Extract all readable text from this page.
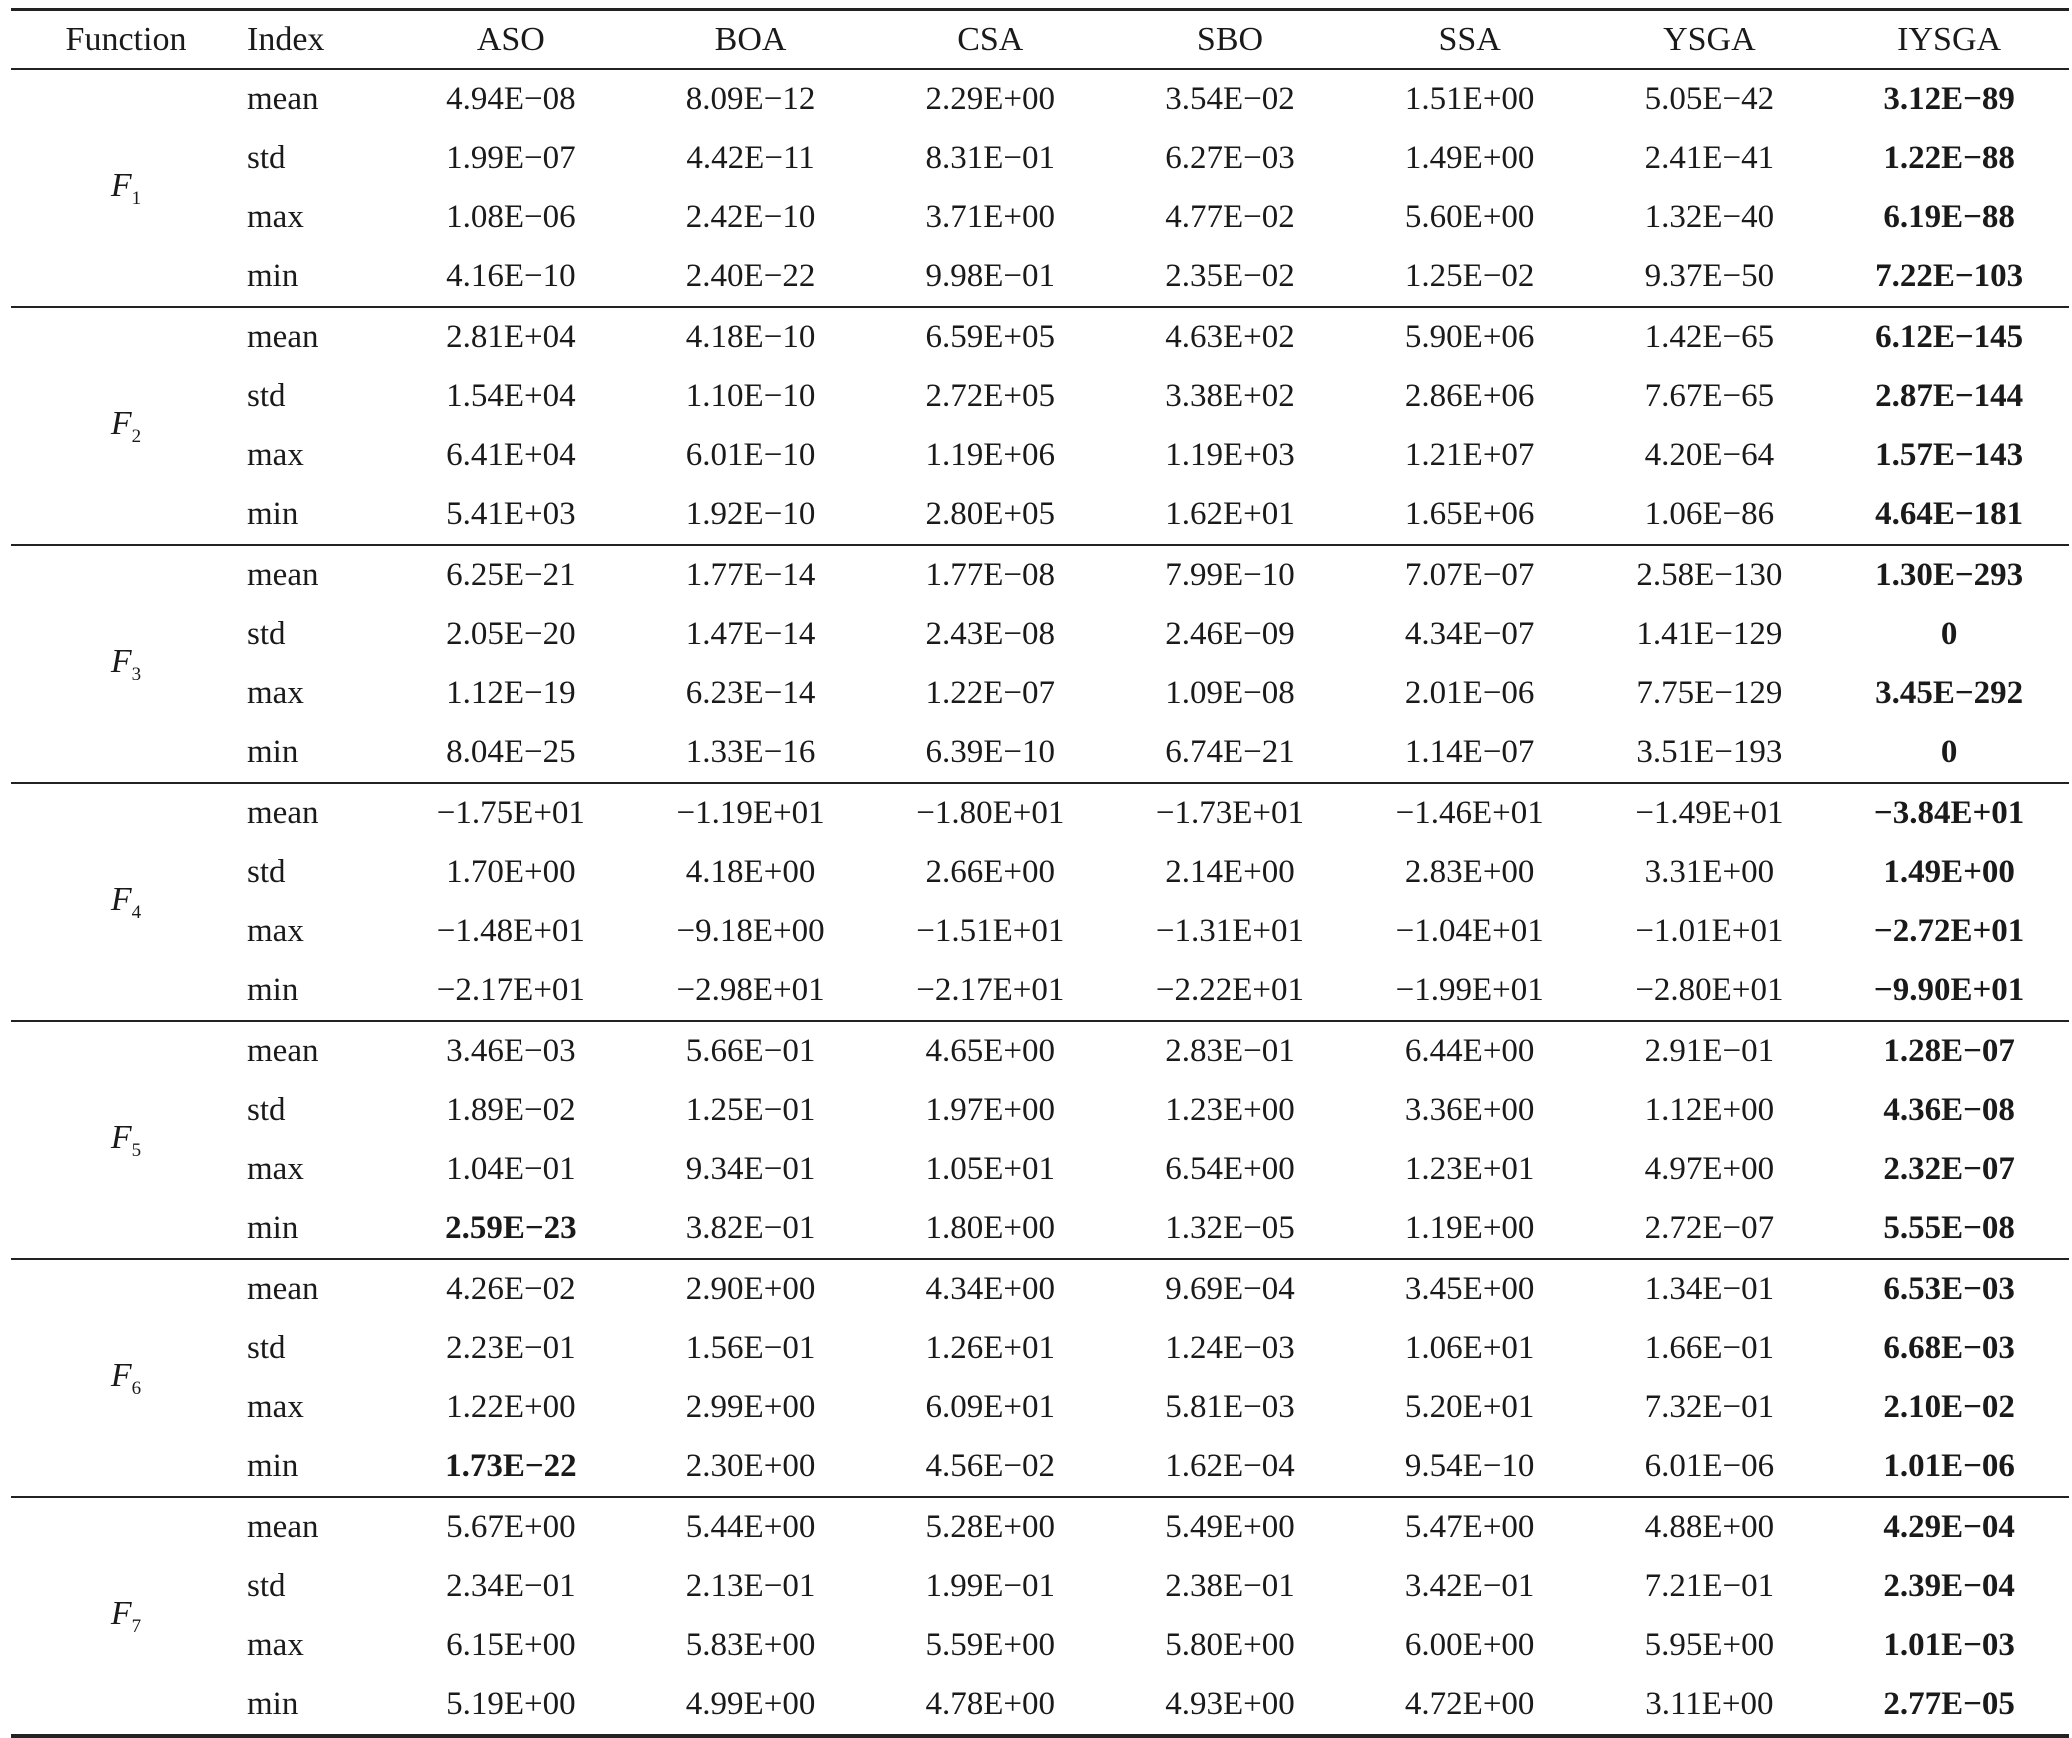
Function	Index	ASO	BOA	CSA	SBO	SSA	YSGA	IYSGA
$F_1$	mean	4.94E−08	8.09E−12	2.29E+00	3.54E−02	1.51E+00	5.05E−42	3.12E−89
	std	1.99E−07	4.42E−11	8.31E−01	6.27E−03	1.49E+00	2.41E−41	1.22E−88
	max	1.08E−06	2.42E−10	3.71E+00	4.77E−02	5.60E+00	1.32E−40	6.19E−88
	min	4.16E−10	2.40E−22	9.98E−01	2.35E−02	1.25E−02	9.37E−50	7.22E−103
$F_2$	mean	2.81E+04	4.18E−10	6.59E+05	4.63E+02	5.90E+06	1.42E−65	6.12E−145
	std	1.54E+04	1.10E−10	2.72E+05	3.38E+02	2.86E+06	7.67E−65	2.87E−144
	max	6.41E+04	6.01E−10	1.19E+06	1.19E+03	1.21E+07	4.20E−64	1.57E−143
	min	5.41E+03	1.92E−10	2.80E+05	1.62E+01	1.65E+06	1.06E−86	4.64E−181
$F_3$	mean	6.25E−21	1.77E−14	1.77E−08	7.99E−10	7.07E−07	2.58E−130	1.30E−293
	std	2.05E−20	1.47E−14	2.43E−08	2.46E−09	4.34E−07	1.41E−129	0
	max	1.12E−19	6.23E−14	1.22E−07	1.09E−08	2.01E−06	7.75E−129	3.45E−292
	min	8.04E−25	1.33E−16	6.39E−10	6.74E−21	1.14E−07	3.51E−193	0
$F_4$	mean	−1.75E+01	−1.19E+01	−1.80E+01	−1.73E+01	−1.46E+01	−1.49E+01	−3.84E+01
	std	1.70E+00	4.18E+00	2.66E+00	2.14E+00	2.83E+00	3.31E+00	1.49E+00
	max	−1.48E+01	−9.18E+00	−1.51E+01	−1.31E+01	−1.04E+01	−1.01E+01	−2.72E+01
	min	−2.17E+01	−2.98E+01	−2.17E+01	−2.22E+01	−1.99E+01	−2.80E+01	−9.90E+01
$F_5$	mean	3.46E−03	5.66E−01	4.65E+00	2.83E−01	6.44E+00	2.91E−01	1.28E−07
	std	1.89E−02	1.25E−01	1.97E+00	1.23E+00	3.36E+00	1.12E+00	4.36E−08
	max	1.04E−01	9.34E−01	1.05E+01	6.54E+00	1.23E+01	4.97E+00	2.32E−07
	min	2.59E−23	3.82E−01	1.80E+00	1.32E−05	1.19E+00	2.72E−07	5.55E−08
$F_6$	mean	4.26E−02	2.90E+00	4.34E+00	9.69E−04	3.45E+00	1.34E−01	6.53E−03
	std	2.23E−01	1.56E−01	1.26E+01	1.24E−03	1.06E+01	1.66E−01	6.68E−03
	max	1.22E+00	2.99E+00	6.09E+01	5.81E−03	5.20E+01	7.32E−01	2.10E−02
	min	1.73E−22	2.30E+00	4.56E−02	1.62E−04	9.54E−10	6.01E−06	1.01E−06
$F_7$	mean	5.67E+00	5.44E+00	5.28E+00	5.49E+00	5.47E+00	4.88E+00	4.29E−04
	std	2.34E−01	2.13E−01	1.99E−01	2.38E−01	3.42E−01	7.21E−01	2.39E−04
	max	6.15E+00	5.83E+00	5.59E+00	5.80E+00	6.00E+00	5.95E+00	1.01E−03
	min	5.19E+00	4.99E+00	4.78E+00	4.93E+00	4.72E+00	3.11E+00	2.77E−05
